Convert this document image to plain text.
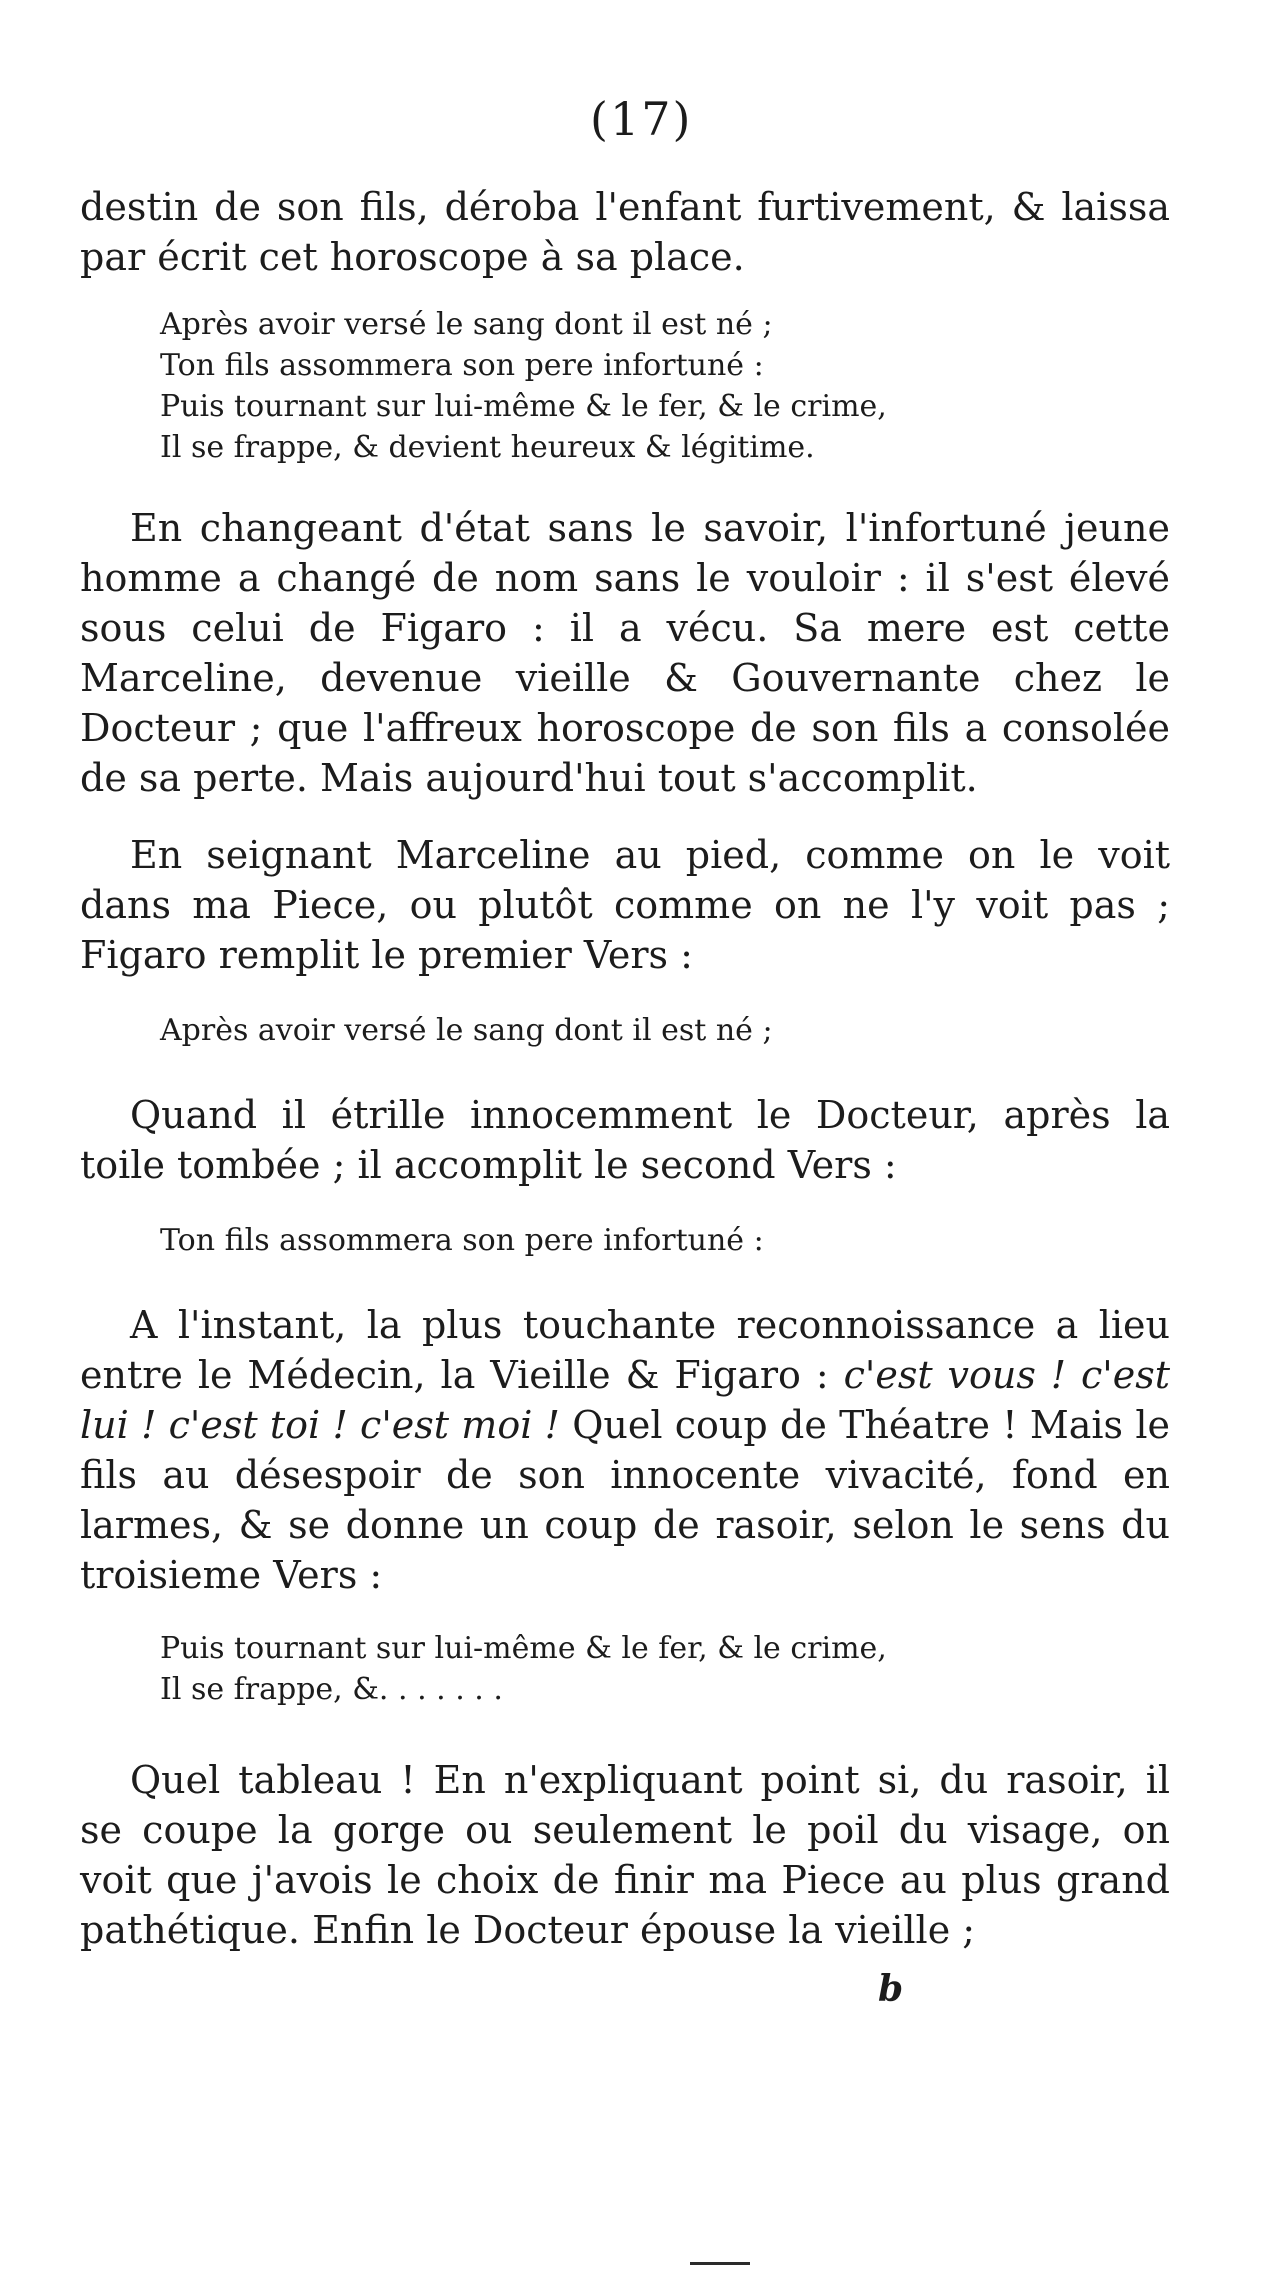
(17)

destin de son fils, déroba l'enfant furtivement, & laissa

par écrit cet horoscope à sa place.

Après avoir versé le sang dont il est né ;
Ton fils assommera son pere infortuné :
Puis tournant sur lui-même & le fer, & le crime,
Il se frappe, & devient heureux & légitime.

En changeant d'état sans le savoir, l'infortuné jeune homme a changé de nom sans le vouloir : il s'est élevé sous celui de Figaro : il a vécu. Sa mere est cette Marceline, devenue vieille & Gouvernante chez le Docteur ; que l'affreux horoscope de son fils a consolée de sa perte. Mais aujourd'hui tout s'accomplit.

En seignant Marceline au pied, comme on le voit dans ma Piece, ou plutôt comme on ne l'y voit pas ; Figaro remplit le premier Vers :

Après avoir versé le sang dont il est né ;

Quand il étrille innocemment le Docteur, après la toile tombée ; il accomplit le second Vers :

Ton fils assommera son pere infortuné :

A l'instant, la plus touchante reconnoissance a lieu entre le Médecin, la Vieille & Figaro : c'est vous ! c'est lui ! c'est toi ! c'est moi ! Quel coup de Théatre ! Mais le fils au désespoir de son innocente vivacité, fond en larmes, & se donne un coup de rasoir, selon le sens du troisieme Vers :

Puis tournant sur lui-même & le fer, & le crime,
Il se frappe, &. . . . . . .

Quel tableau ! En n'expliquant point si, du rasoir, il se coupe la gorge ou seulement le poil du visage, on voit que j'avois le choix de finir ma Piece au plus grand pathétique. Enfin le Docteur épouse la vieille ;

b
